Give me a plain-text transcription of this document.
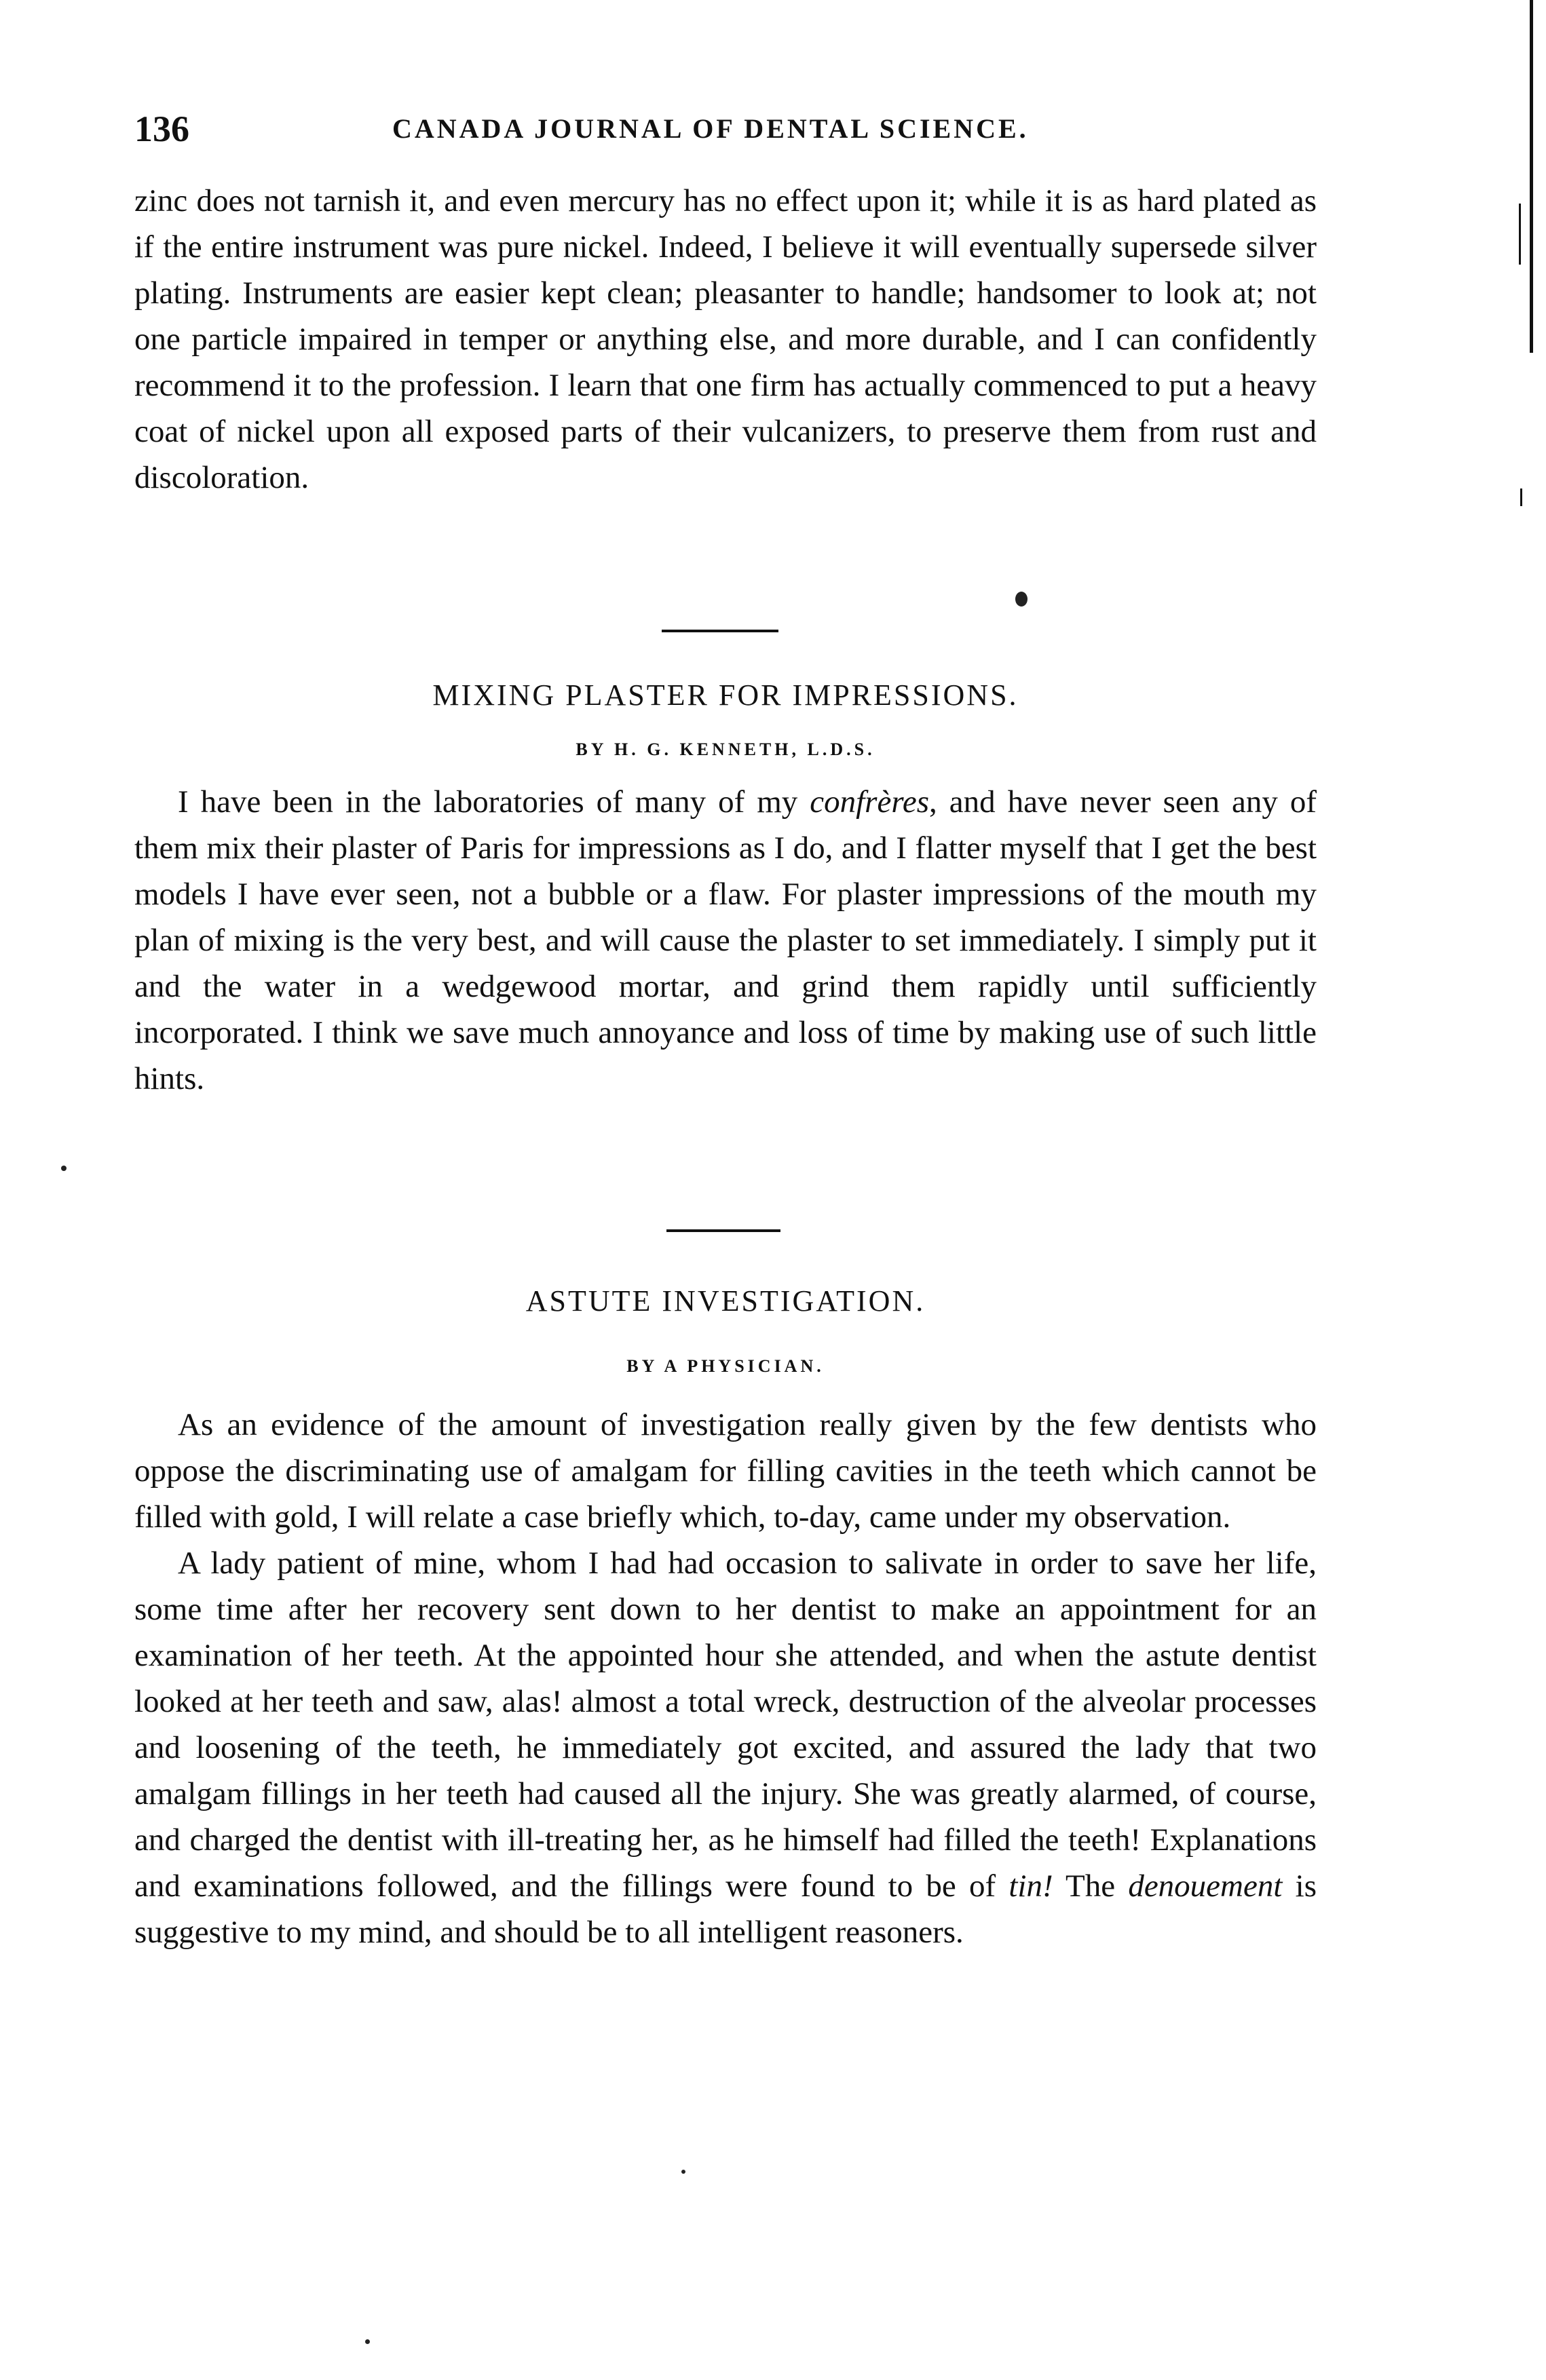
136	CANADA JOURNAL OF DENTAL SCIENCE.

zinc does not tarnish it, and even mercury has no effect upon it; while it is as hard plated as if the entire instrument was pure nickel. Indeed, I believe it will eventually supersede silver plating. Instruments are easier kept clean; pleasanter to handle; handsomer to look at; not one particle impaired in temper or anything else, and more durable, and I can confidently recommend it to the profession. I learn that one firm has actually commenced to put a heavy coat of nickel upon all exposed parts of their vulcanizers, to preserve them from rust and discoloration.

MIXING PLASTER FOR IMPRESSIONS.
BY H. G. KENNETH, L.D.S.

I have been in the laboratories of many of my confrères, and have never seen any of them mix their plaster of Paris for impressions as I do, and I flatter myself that I get the best models I have ever seen, not a bubble or a flaw. For plaster impressions of the mouth my plan of mixing is the very best, and will cause the plaster to set immediately. I simply put it and the water in a wedgewood mortar, and grind them rapidly until sufficiently incorporated. I think we save much annoyance and loss of time by making use of such little hints.

ASTUTE INVESTIGATION.
BY A PHYSICIAN.

As an evidence of the amount of investigation really given by the few dentists who oppose the discriminating use of amalgam for filling cavities in the teeth which cannot be filled with gold, I will relate a case briefly which, to-day, came under my observation.

A lady patient of mine, whom I had had occasion to salivate in order to save her life, some time after her recovery sent down to her dentist to make an appointment for an examination of her teeth. At the appointed hour she attended, and when the astute dentist looked at her teeth and saw, alas! almost a total wreck, destruction of the alveolar processes and loosening of the teeth, he immediately got excited, and assured the lady that two amalgam fillings in her teeth had caused all the injury. She was greatly alarmed, of course, and charged the dentist with ill-treating her, as he himself had filled the teeth! Explanations and examinations followed, and the fillings were found to be of tin! The denouement is suggestive to my mind, and should be to all intelligent reasoners.
